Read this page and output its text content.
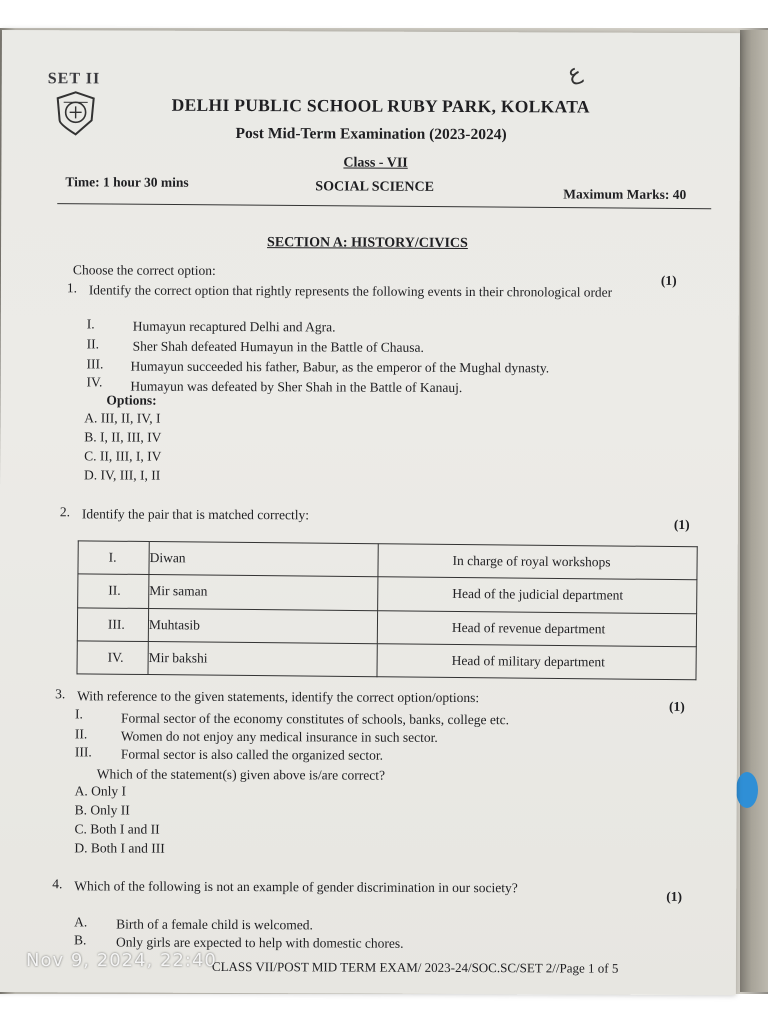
SET II	ع
DELHI PUBLIC SCHOOL RUBY PARK, KOLKATA
Post Mid-Term Examination (2023-2024)
Class - VII
Time: 1 hour 30 mins	SOCIAL SCIENCE	Maximum Marks: 40
SECTION A: HISTORY/CIVICS
Choose the correct option:
1. Identify the correct option that rightly represents the following events in their chronological order
(1)
I.	Humayun recaptured Delhi and Agra.
II. Sher Shah defeated Humayun in the Battle of Chausa.
III. Humayun succeeded his father, Babur, as the emperor of the Mughal dynasty.
IV. Humayun was defeated by Sher Shah in the Battle of Kanauj.
Options:
A. III, II, IV, I
B. I, II, III, IV
C. II, III, I, IV
D. IV, III, I, II
2. Identify the pair that is matched correctly:
(1)
I.	Diwan	In charge of royal workshops
II.	Mir saman	Head of the judicial department
III.	Muhtasib	Head of revenue department
IV.	Mir bakshi	Head of military department
3. With reference to the given statements, identify the correct option/options:
(1)
I.	Formal sector of the economy constitutes of schools, banks, college etc.
II. Women do not enjoy any medical insurance in such sector.
III. Formal sector is also called the organized sector.
Which of the statement(s) given above is/are correct?
A. Only I
B. Only II
C. Both I and II
D. Both I and III
4. Which of the following is not an example of gender discrimination in our society?
(1)
A. Birth of a female child is welcomed.
B. Only girls are expected to help with domestic chores.
CLASS VII/POST MID TERM EXAM/ 2023-24/SOC.SC/SET 2//Page 1 of 5
Nov 9, 2024, 22:40
